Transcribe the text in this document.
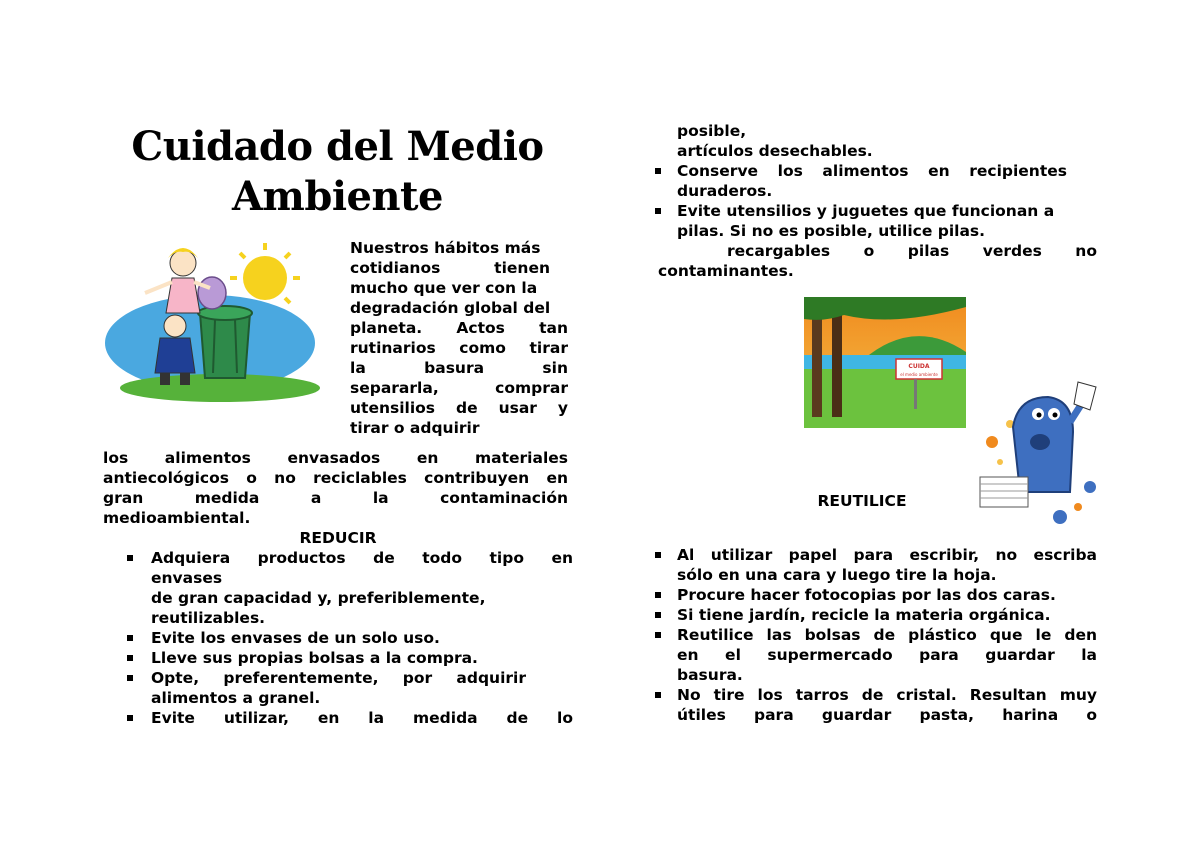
Cuidado del Medio
Ambiente
Nuestros hábitos más
cotidianos tienen
mucho que ver con la
degradación global del
planeta. Actos tan
rutinarios como tirar
la basura sin
separarla, comprar
utensilios de usar y
tirar o adquirir
los alimentos envasados en materiales
antiecológicos o no reciclables contribuyen en
gran medida a la contaminación
medioambiental.
REDUCIR
Adquiera productos de todo tipo en
envases
de gran capacidad y, preferiblemente,
reutilizables.
Evite los envases de un solo uso.
Lleve sus propias bolsas a la compra.
Opte, preferentemente, por adquirir
alimentos a granel.
Evite utilizar, en la medida de lo
posible,
artículos desechables.
Conserve los alimentos en recipientes
duraderos.
Evite utensilios y juguetes que funcionan a
pilas. Si no es posible, utilice pilas.
recargables o pilas verdes no
contaminantes.
CUIDA
el medio ambiente
REUTILICE
Al utilizar papel para escribir, no escriba
sólo en una cara y luego tire la hoja.
Procure hacer fotocopias por las dos caras.
Si tiene jardín, recicle la materia orgánica.
Reutilice las bolsas de plástico que le den
en el supermercado para guardar la
basura.
No tire los tarros de cristal. Resultan muy
útiles para guardar pasta, harina o
